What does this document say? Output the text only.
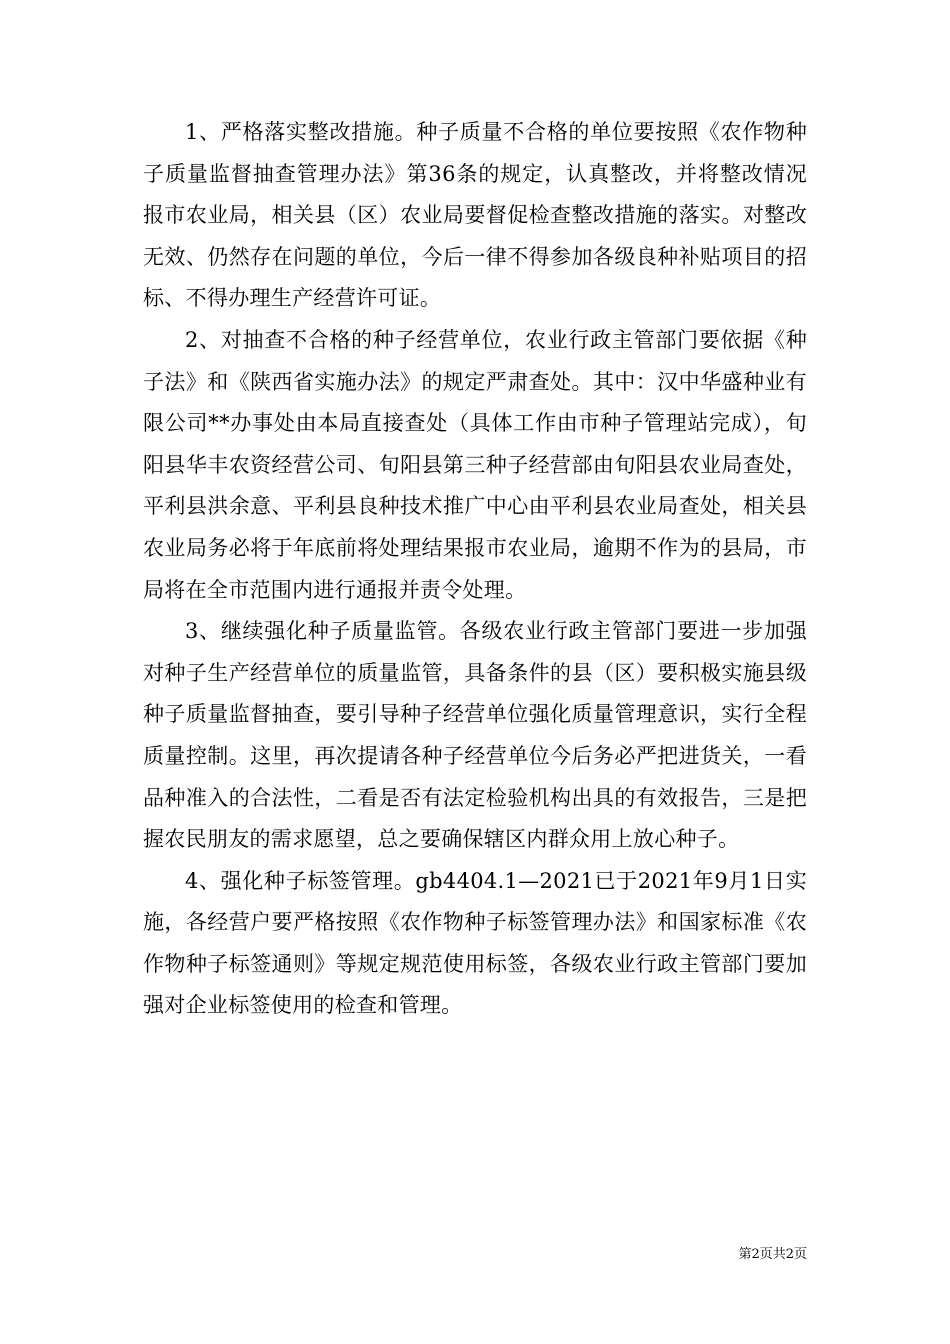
1、严格落实整改措施。种子质量不合格的单位要按照《农作物种子质量监督抽查管理办法》第36条的规定，认真整改，并将整改情况报市农业局，相关县（区）农业局要督促检查整改措施的落实。对整改无效、仍然存在问题的单位，今后一律不得参加各级良种补贴项目的招标、不得办理生产经营许可证。

2、对抽查不合格的种子经营单位，农业行政主管部门要依据《种子法》和《陕西省实施办法》的规定严肃查处。其中：汉中华盛种业有限公司**办事处由本局直接查处（具体工作由市种子管理站完成），旬阳县华丰农资经营公司、旬阳县第三种子经营部由旬阳县农业局查处，平利县洪余意、平利县良种技术推广中心由平利县农业局查处，相关县农业局务必将于年底前将处理结果报市农业局，逾期不作为的县局，市局将在全市范围内进行通报并责令处理。

3、继续强化种子质量监管。各级农业行政主管部门要进一步加强对种子生产经营单位的质量监管，具备条件的县（区）要积极实施县级种子质量监督抽查，要引导种子经营单位强化质量管理意识，实行全程质量控制。这里，再次提请各种子经营单位今后务必严把进货关，一看品种准入的合法性，二看是否有法定检验机构出具的有效报告，三是把握农民朋友的需求愿望，总之要确保辖区内群众用上放心种子。

4、强化种子标签管理。gb4404.1—2021已于2021年9月1日实施，各经营户要严格按照《农作物种子标签管理办法》和国家标准《农作物种子标签通则》等规定规范使用标签，各级农业行政主管部门要加强对企业标签使用的检查和管理。

第2页共2页
